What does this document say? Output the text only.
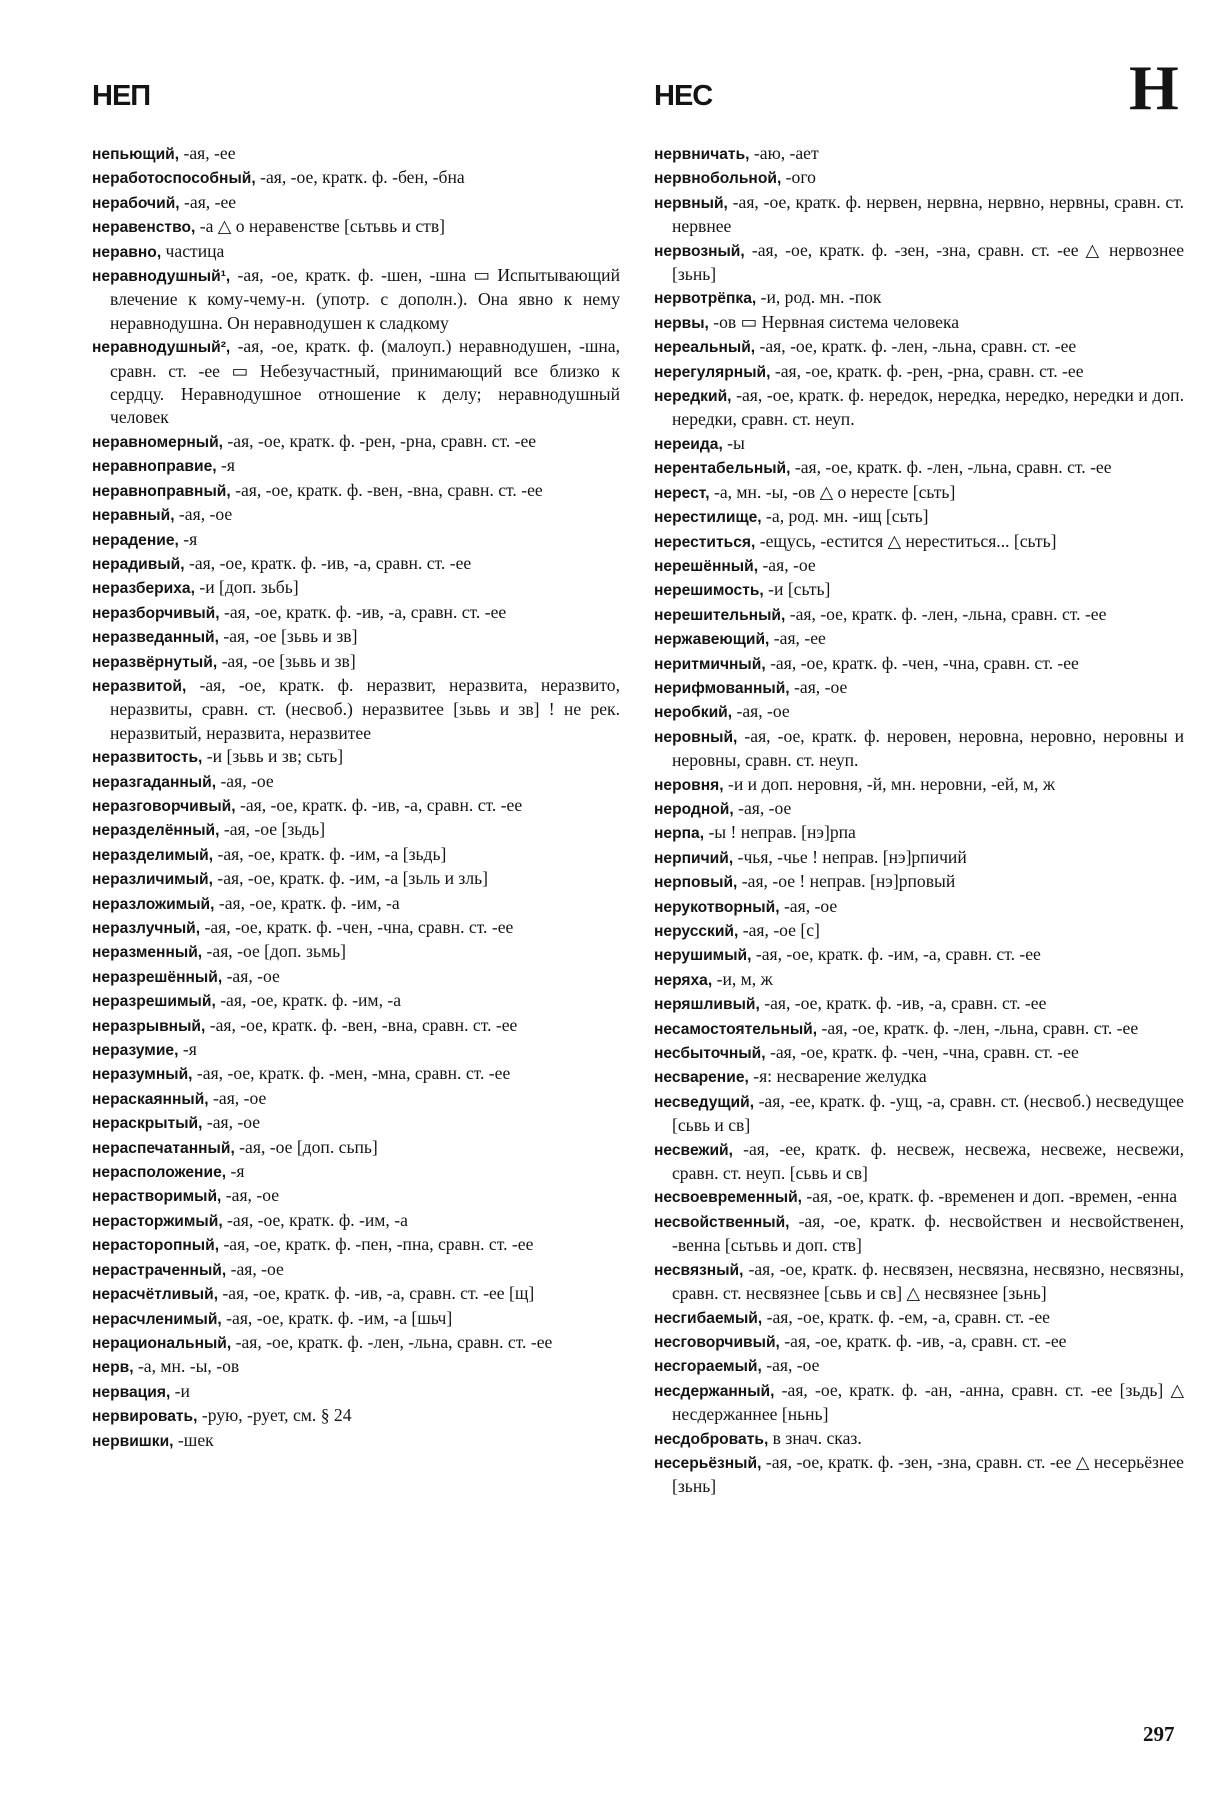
НЕП	НЕС	Н
непьющий, -ая, -ее
неработоспособный, -ая, -ое, кратк. ф. -бен, -бна
нерабочий, -ая, -ее
неравенство, -а △ о неравенстве [сьтьвь и ств]
неравно, частица
неравнодушный¹, -ая, -ое, кратк. ф. -шен, -шна ▭ Испытывающий влечение к кому-чему-н. (употр. с дополн.). Она явно к нему неравнодушна. Он неравнодушен к сладкому
неравнодушный², -ая, -ое, кратк. ф. (малоуп.) неравнодушен, -шна, сравн. ст. -ее ▭ Небезучастный, принимающий все близко к сердцу. Неравнодушное отношение к делу; неравнодушный человек
неравномерный, -ая, -ое, кратк. ф. -рен, -рна, сравн. ст. -ее
неравноправие, -я
неравноправный, -ая, -ое, кратк. ф. -вен, -вна, сравн. ст. -ее
неравный, -ая, -ое
нерадение, -я
нерадивый, -ая, -ое, кратк. ф. -ив, -а, сравн. ст. -ее
неразбериха, -и [доп. зьбь]
неразборчивый, -ая, -ое, кратк. ф. -ив, -а, сравн. ст. -ее
неразведанный, -ая, -ое [зьвь и зв]
неразвёрнутый, -ая, -ое [зьвь и зв]
неразвитой, -ая, -ое, кратк. ф. неразвит, неразвита, неразвито, неразвиты, сравн. ст. (несвоб.) неразвитее [зьвь и зв] ! не рек. неразвитый, неразвита, неразвитее
неразвитость, -и [зьвь и зв; сьть]
неразгаданный, -ая, -ое
неразговорчивый, -ая, -ое, кратк. ф. -ив, -а, сравн. ст. -ее
неразделённый, -ая, -ое [зьдь]
неразделимый, -ая, -ое, кратк. ф. -им, -а [зьдь]
неразличимый, -ая, -ое, кратк. ф. -им, -а [зьль и зль]
неразложимый, -ая, -ое, кратк. ф. -им, -а
неразлучный, -ая, -ое, кратк. ф. -чен, -чна, сравн. ст. -ее
неразменный, -ая, -ое [доп. зьмь]
неразрешённый, -ая, -ое
неразрешимый, -ая, -ое, кратк. ф. -им, -а
неразрывный, -ая, -ое, кратк. ф. -вен, -вна, сравн. ст. -ее
неразумие, -я
неразумный, -ая, -ое, кратк. ф. -мен, -мна, сравн. ст. -ее
нераскаянный, -ая, -ое
нераскрытый, -ая, -ое
нераспечатанный, -ая, -ое [доп. сьпь]
нерасположение, -я
нерастворимый, -ая, -ое
нерасторжимый, -ая, -ое, кратк. ф. -им, -а
нерасторопный, -ая, -ое, кратк. ф. -пен, -пна, сравн. ст. -ее
нерастраченный, -ая, -ое
нерасчётливый, -ая, -ое, кратк. ф. -ив, -а, сравн. ст. -ее [щ]
нерасчленимый, -ая, -ое, кратк. ф. -им, -а [шьч]
нерациональный, -ая, -ое, кратк. ф. -лен, -льна, сравн. ст. -ее
нерв, -а, мн. -ы, -ов
нервация, -и
нервировать, -рую, -рует, см. § 24
нервишки, -шек
нервничать, -аю, -ает
нервнобольной, -ого
нервный, -ая, -ое, кратк. ф. нервен, нервна, нервно, нервны, сравн. ст. нервнее
нервозный, -ая, -ое, кратк. ф. -зен, -зна, сравн. ст. -ее △ нервознее [зьнь]
нервотрёпка, -и, род. мн. -пок
нервы, -ов ▭ Нервная система человека
нереальный, -ая, -ое, кратк. ф. -лен, -льна, сравн. ст. -ее
нерегулярный, -ая, -ое, кратк. ф. -рен, -рна, сравн. ст. -ее
нередкий, -ая, -ое, кратк. ф. нередок, нередка, нередко, нередки и доп. нередки, сравн. ст. неуп.
нереида, -ы
нерентабельный, -ая, -ое, кратк. ф. -лен, -льна, сравн. ст. -ее
нерест, -а, мн. -ы, -ов △ о нересте [сьть]
нерестилище, -а, род. мн. -ищ [сьть]
нереститься, -ещусь, -естится △ нереститься... [сьть]
нерешённый, -ая, -ое
нерешимость, -и [сьть]
нерешительный, -ая, -ое, кратк. ф. -лен, -льна, сравн. ст. -ее
нержавеющий, -ая, -ее
неритмичный, -ая, -ое, кратк. ф. -чен, -чна, сравн. ст. -ее
нерифмованный, -ая, -ое
неробкий, -ая, -ое
неровный, -ая, -ое, кратк. ф. неровен, неровна, неровно, неровны и неровны, сравн. ст. неуп.
неровня, -и и доп. неровня, -й, мн. неровни, -ей, м, ж
неродной, -ая, -ое
нерпа, -ы ! неправ. [нэ]рпа
нерпичий, -чья, -чье ! неправ. [нэ]рпичий
нерповый, -ая, -ое ! неправ. [нэ]рповый
нерукотворный, -ая, -ое
нерусский, -ая, -ое [с]
нерушимый, -ая, -ое, кратк. ф. -им, -а, сравн. ст. -ее
неряха, -и, м, ж
неряшливый, -ая, -ое, кратк. ф. -ив, -а, сравн. ст. -ее
несамостоятельный, -ая, -ое, кратк. ф. -лен, -льна, сравн. ст. -ее
несбыточный, -ая, -ое, кратк. ф. -чен, -чна, сравн. ст. -ее
несварение, -я: несварение желудка
несведущий, -ая, -ее, кратк. ф. -ущ, -а, сравн. ст. (несвоб.) несведущее [сьвь и св]
несвежий, -ая, -ее, кратк. ф. несвеж, несвежа, несвеже, несвежи, сравн. ст. неуп. [сьвь и св]
несвоевременный, -ая, -ое, кратк. ф. -временен и доп. -времен, -енна
несвойственный, -ая, -ое, кратк. ф. несвойствен и несвойственен, -венна [сьтьвь и доп. ств]
несвязный, -ая, -ое, кратк. ф. несвязен, несвязна, несвязно, несвязны, сравн. ст. несвязнее [сьвь и св] △ несвязнее [зьнь]
несгибаемый, -ая, -ое, кратк. ф. -ем, -а, сравн. ст. -ее
несговорчивый, -ая, -ое, кратк. ф. -ив, -а, сравн. ст. -ее
несгораемый, -ая, -ое
несдержанный, -ая, -ое, кратк. ф. -ан, -анна, сравн. ст. -ее [зьдь] △ несдержаннее [ньнь]
несдобровать, в знач. сказ.
несерьёзный, -ая, -ое, кратк. ф. -зен, -зна, сравн. ст. -ее △ несерьёзнее [зьнь]
297
